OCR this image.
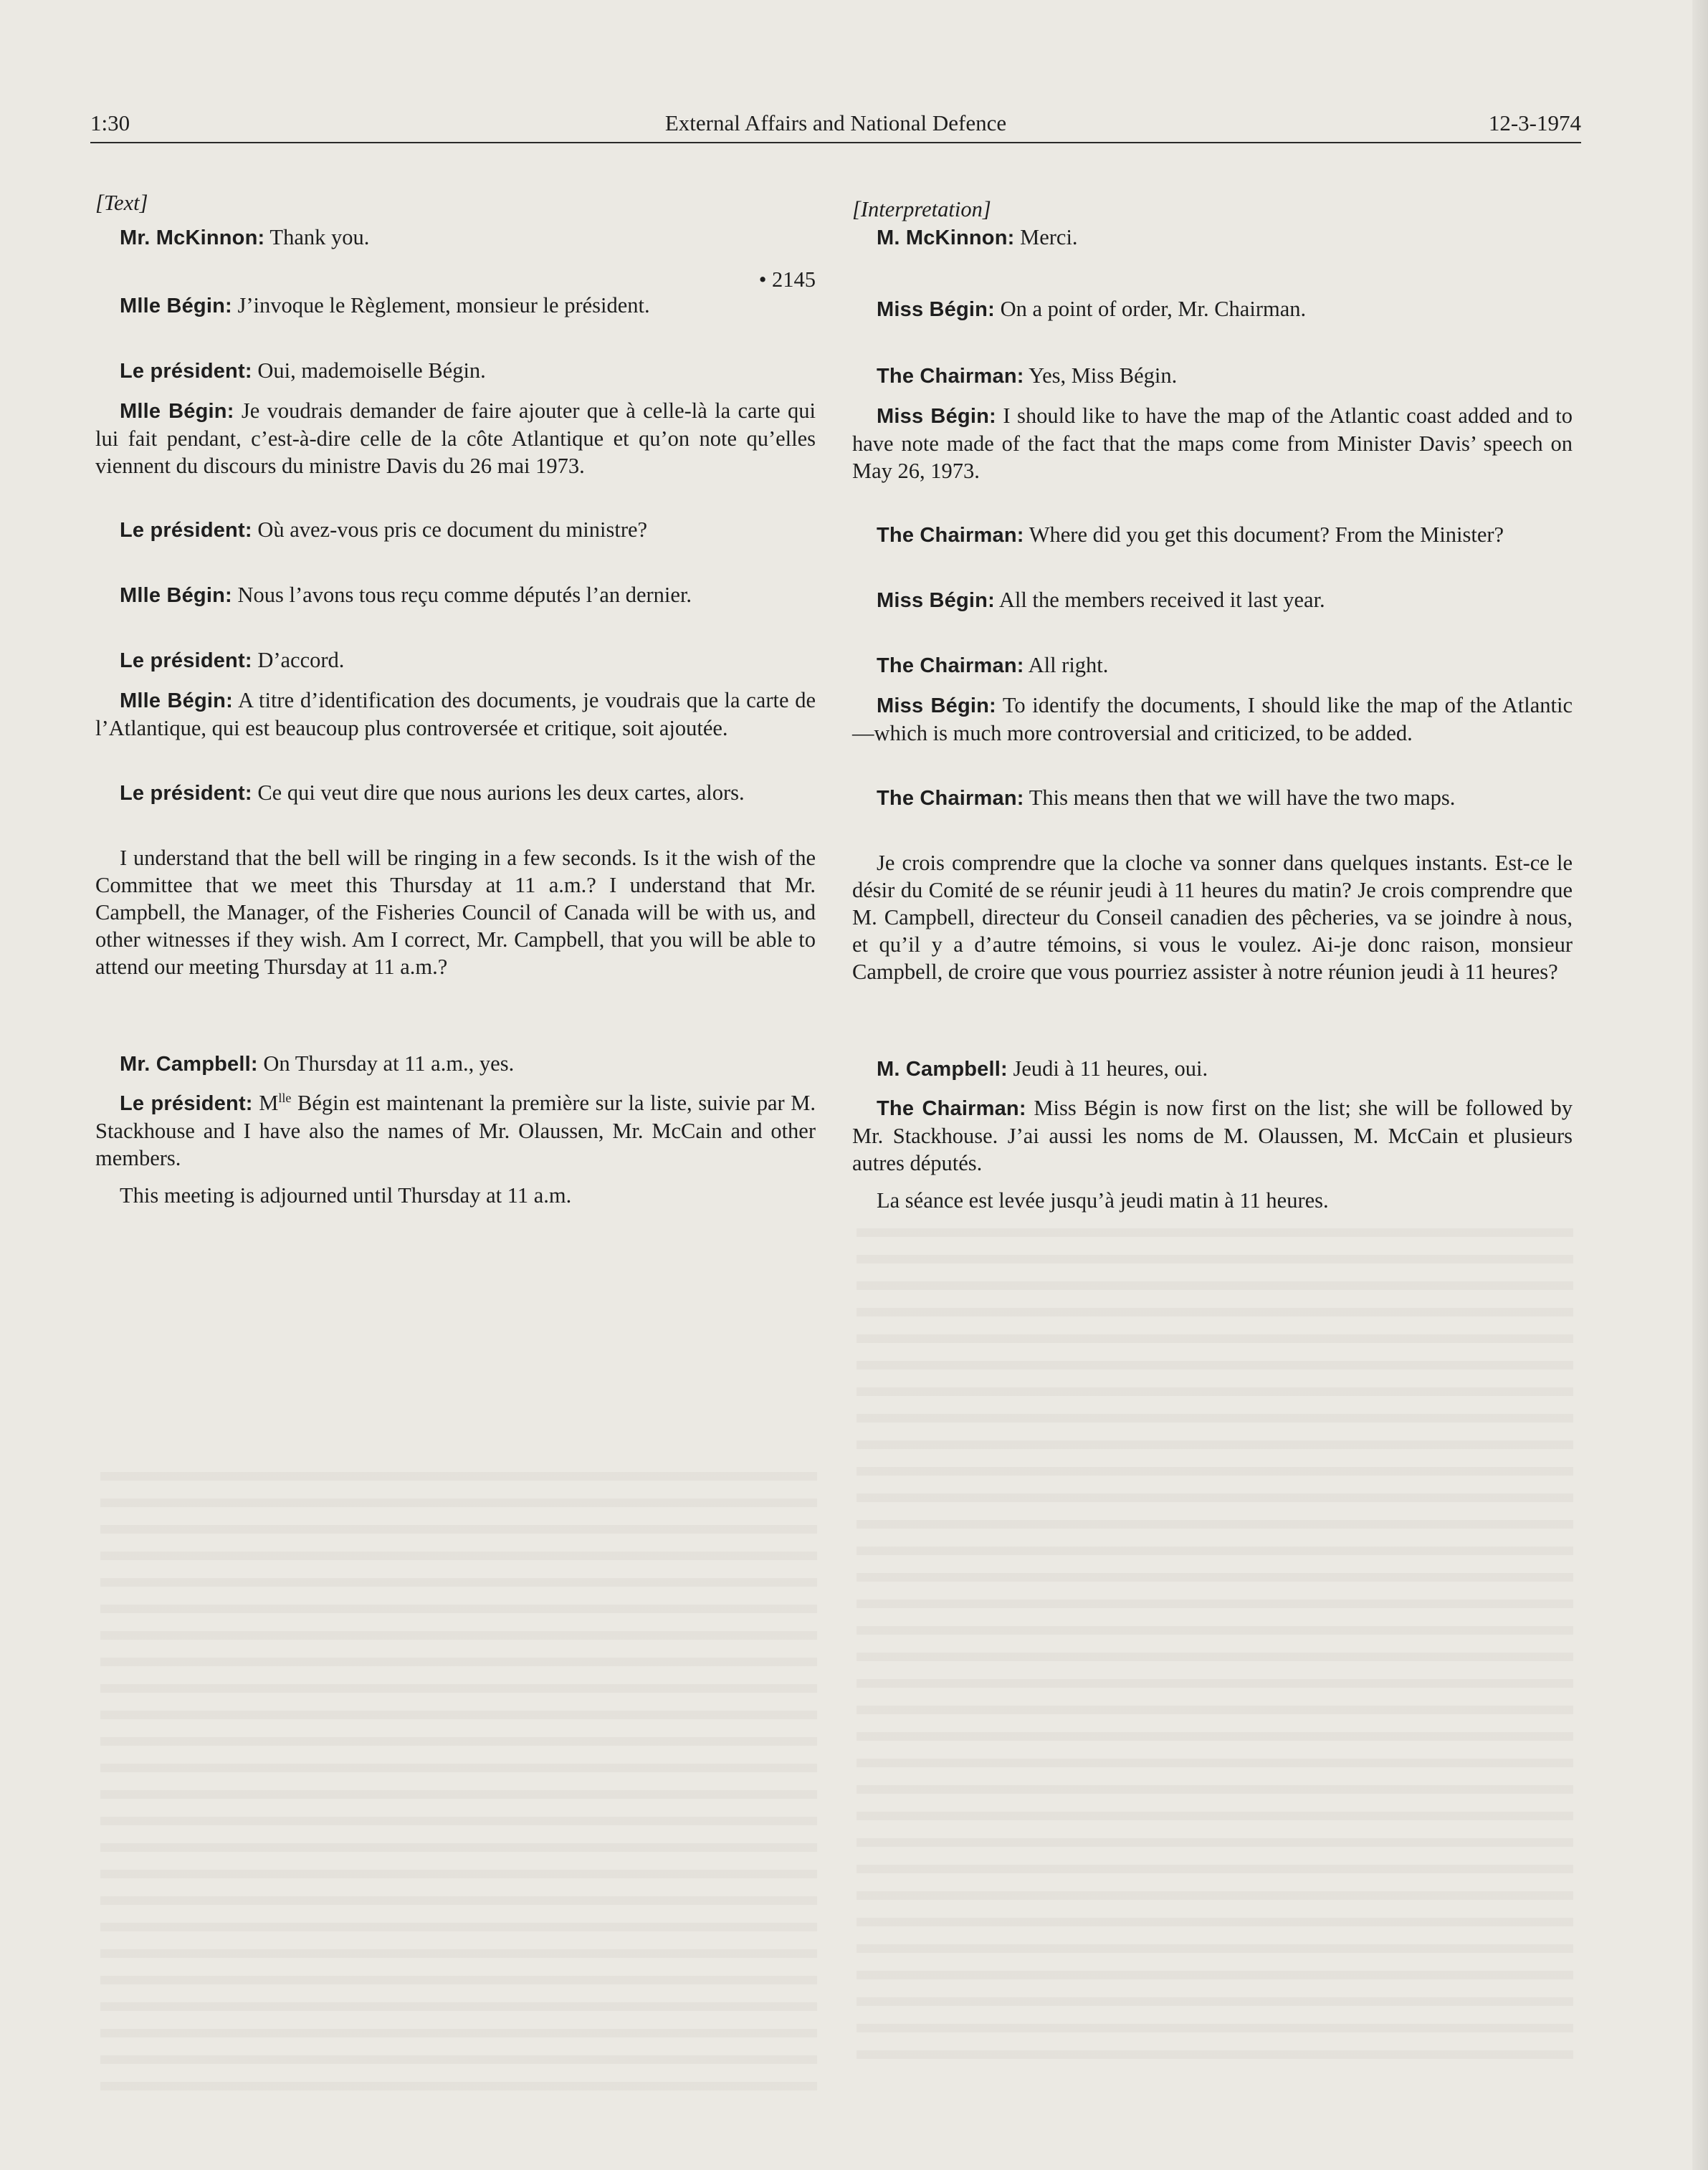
1:30	External Affairs and National Defence	12-3-1974

[Text]

Mr. McKinnon: Thank you.

• 2145

Mlle Bégin: J’invoque le Règlement, monsieur le président.

Le président: Oui, mademoiselle Bégin.

Mlle Bégin: Je voudrais demander de faire ajouter que à celle-là la carte qui lui fait pendant, c’est-à-dire celle de la côte Atlantique et qu’on note qu’elles viennent du discours du ministre Davis du 26 mai 1973.

Le président: Où avez-vous pris ce document du ministre?

Mlle Bégin: Nous l’avons tous reçu comme députés l’an dernier.

Le président: D’accord.

Mlle Bégin: A titre d’identification des documents, je voudrais que la carte de l’Atlantique, qui est beaucoup plus controversée et critique, soit ajoutée.

Le président: Ce qui veut dire que nous aurions les deux cartes, alors.

I understand that the bell will be ringing in a few seconds. Is it the wish of the Committee that we meet this Thursday at 11 a.m.? I understand that Mr. Campbell, the Manager, of the Fisheries Council of Canada will be with us, and other witnesses if they wish. Am I correct, Mr. Campbell, that you will be able to attend our meeting Thursday at 11 a.m.?

Mr. Campbell: On Thursday at 11 a.m., yes.

Le président: $M^{lle}$ Bégin est maintenant la première sur la liste, suivie par M. Stackhouse and I have also the names of Mr. Olaussen, Mr. McCain and other members.

This meeting is adjourned until Thursday at 11 a.m.

[Interpretation]

M. McKinnon: Merci.

Miss Bégin: On a point of order, Mr. Chairman.

The Chairman: Yes, Miss Bégin.

Miss Bégin: I should like to have the map of the Atlantic coast added and to have note made of the fact that the maps come from Minister Davis’ speech on May 26, 1973.

The Chairman: Where did you get this document? From the Minister?

Miss Bégin: All the members received it last year.

The Chairman: All right.

Miss Bégin: To identify the documents, I should like the map of the Atlantic—which is much more controversial and criticized, to be added.

The Chairman: This means then that we will have the two maps.

Je crois comprendre que la cloche va sonner dans quelques instants. Est-ce le désir du Comité de se réunir jeudi à 11 heures du matin? Je crois comprendre que M. Campbell, directeur du Conseil canadien des pêcheries, va se joindre à nous, et qu’il y a d’autre témoins, si vous le voulez. Ai-je donc raison, monsieur Campbell, de croire que vous pourriez assister à notre réunion jeudi à 11 heures?

M. Campbell: Jeudi à 11 heures, oui.

The Chairman: Miss Bégin is now first on the list; she will be followed by Mr. Stackhouse. J’ai aussi les noms de M. Olaussen, M. McCain et plusieurs autres députés.

La séance est levée jusqu’à jeudi matin à 11 heures.
